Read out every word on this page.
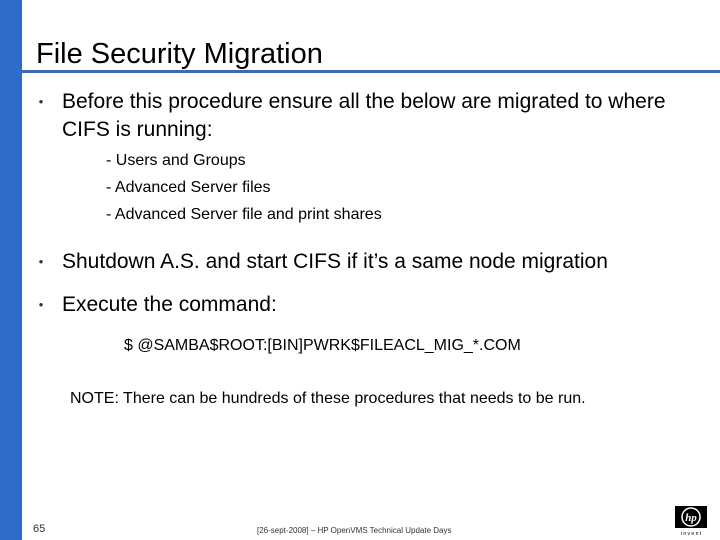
File Security Migration
• Before this procedure ensure all the below are migrated to where CIFS is running:
- Users and Groups
- Advanced Server files
- Advanced Server file and print shares
• Shutdown A.S. and start CIFS if it’s a same node migration
• Execute the command:
$ @SAMBA$ROOT:[BIN]PWRK$FILEACL_MIG_*.COM
NOTE: There can be hundreds of these procedures that needs to be run.
65	[26-sept-2008] – HP OpenVMS Technical Update Days
hp
i n v e n t
